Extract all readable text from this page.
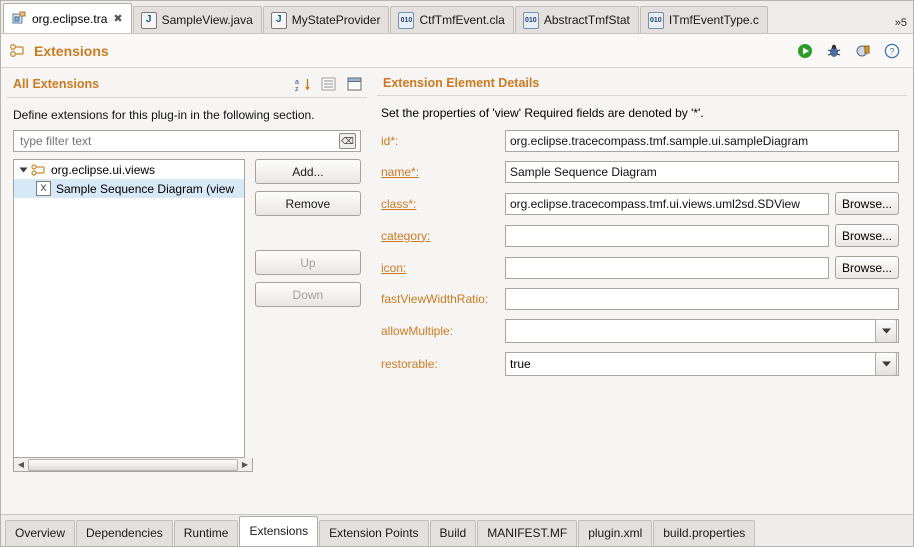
org.eclipse.tra ✖	J SampleView.java	J MyStateProvider	010 CtfTmfEvent.cla	010 AbstractTmfStat	010 ITmfEventType.c	»5
Extensions	?
All Extensions	a
z
Define extensions for this plug-in in the following section.
type filter text
⌫
org.eclipse.ui.views
X Sample Sequence Diagram (view
Add...
Remove
Up
Down
◀	▶
Extension Element Details
Set the properties of 'view' Required fields are denoted by '*'.
id*:
org.eclipse.tracecompass.tmf.sample.ui.sampleDiagram
name*:
Sample Sequence Diagram
class*:
org.eclipse.tracecompass.tmf.ui.views.uml2sd.SDView	Browse...
category:	Browse...
icon:	Browse...
fastViewWidthRatio:
allowMultiple:
restorable:	true
Overview	Dependencies	Runtime	Extensions	Extension Points	Build	MANIFEST.MF	plugin.xml	build.properties
